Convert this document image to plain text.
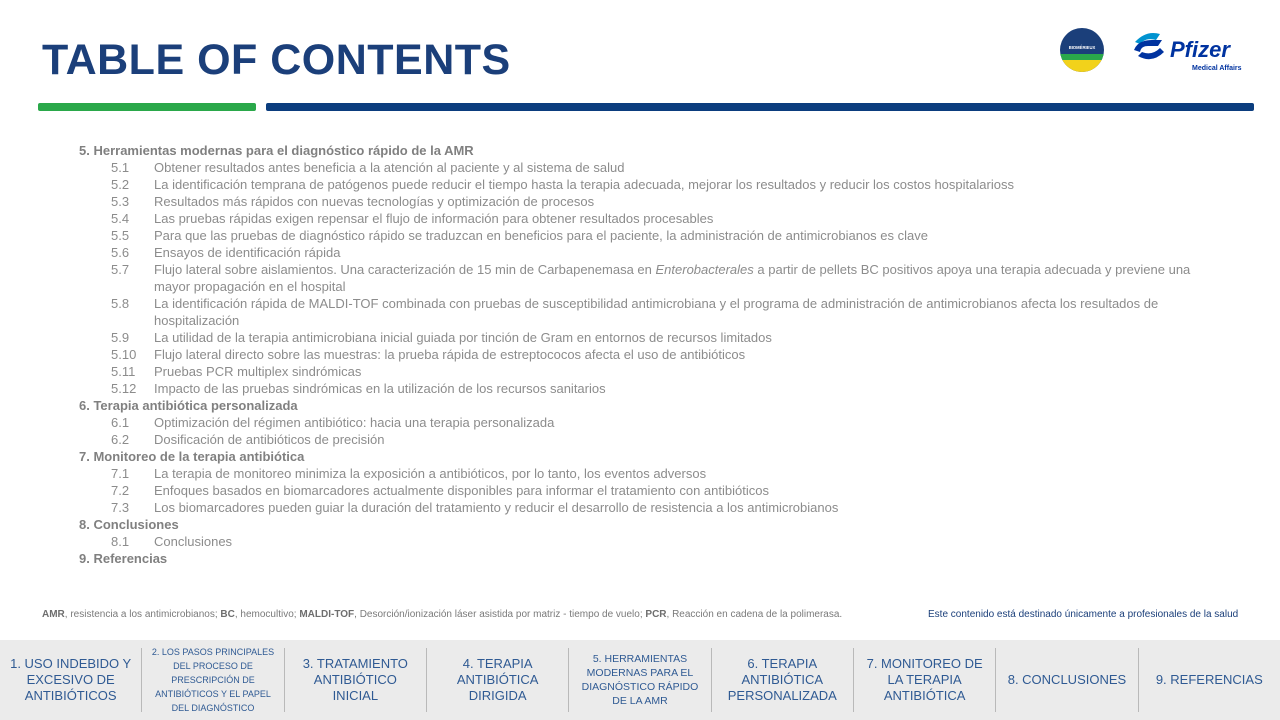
TABLE OF CONTENTS	BIOMÉRIEUX	Pfizer
Medical Affairs
5. Herramientas modernas para el diagnóstico rápido de la AMR
5.1	Obtener resultados antes beneficia a la atención al paciente y al sistema de salud
5.2	La identificación temprana de patógenos puede reducir el tiempo hasta la terapia adecuada, mejorar los resultados y reducir los costos hospitalarioss
5.3	Resultados más rápidos con nuevas tecnologías y optimización de procesos
5.4	Las pruebas rápidas exigen repensar el flujo de información para obtener resultados procesables
5.5	Para que las pruebas de diagnóstico rápido se traduzcan en beneficios para el paciente, la administración de antimicrobianos es clave
5.6	Ensayos de identificación rápida
5.7	Flujo lateral sobre aislamientos. Una caracterización de 15 min de Carbapenemasa en Enterobacterales a partir de pellets BC positivos apoya una terapia adecuada y previene una mayor propagación en el hospital
5.8	La identificación rápida de MALDI-TOF combinada con pruebas de susceptibilidad antimicrobiana y el programa de administración de antimicrobianos afecta los resultados de hospitalización
5.9	La utilidad de la terapia antimicrobiana inicial guiada por tinción de Gram en entornos de recursos limitados
5.10	Flujo lateral directo sobre las muestras: la prueba rápida de estreptococos afecta el uso de antibióticos
5.11	Pruebas PCR multiplex sindrómicas
5.12	Impacto de las pruebas sindrómicas en la utilización de los recursos sanitarios
6. Terapia antibiótica personalizada
6.1	Optimización del régimen antibiótico: hacia una terapia personalizada
6.2	Dosificación de antibióticos de precisión
7. Monitoreo de la terapia antibiótica
7.1	La terapia de monitoreo minimiza la exposición a antibióticos, por lo tanto, los eventos adversos
7.2	Enfoques basados en biomarcadores actualmente disponibles para informar el tratamiento con antibióticos
7.3	Los biomarcadores pueden guiar la duración del tratamiento y reducir el desarrollo de resistencia a los antimicrobianos
8. Conclusiones
8.1	Conclusiones
9. Referencias
AMR, resistencia a los antimicrobianos; BC, hemocultivo; MALDI-TOF, Desorción/ionización láser asistida por matriz - tiempo de vuelo; PCR, Reacción en cadena de la polimerasa.	Este contenido está destinado únicamente a profesionales de la salud
1. USO INDEBIDO Y EXCESIVO DE ANTIBIÓTICOS
2. LOS PASOS PRINCIPALES DEL PROCESO DE PRESCRIPCIÓN DE ANTIBIÓTICOS Y EL PAPEL DEL DIAGNÓSTICO
3. TRATAMIENTO ANTIBIÓTICO INICIAL
4. TERAPIA ANTIBIÓTICA DIRIGIDA
5. HERRAMIENTAS MODERNAS PARA EL DIAGNÓSTICO RÁPIDO DE LA AMR
6. TERAPIA ANTIBIÓTICA PERSONALIZADA
7. MONITOREO DE LA TERAPIA ANTIBIÓTICA
8. CONCLUSIONES	9. REFERENCIAS
